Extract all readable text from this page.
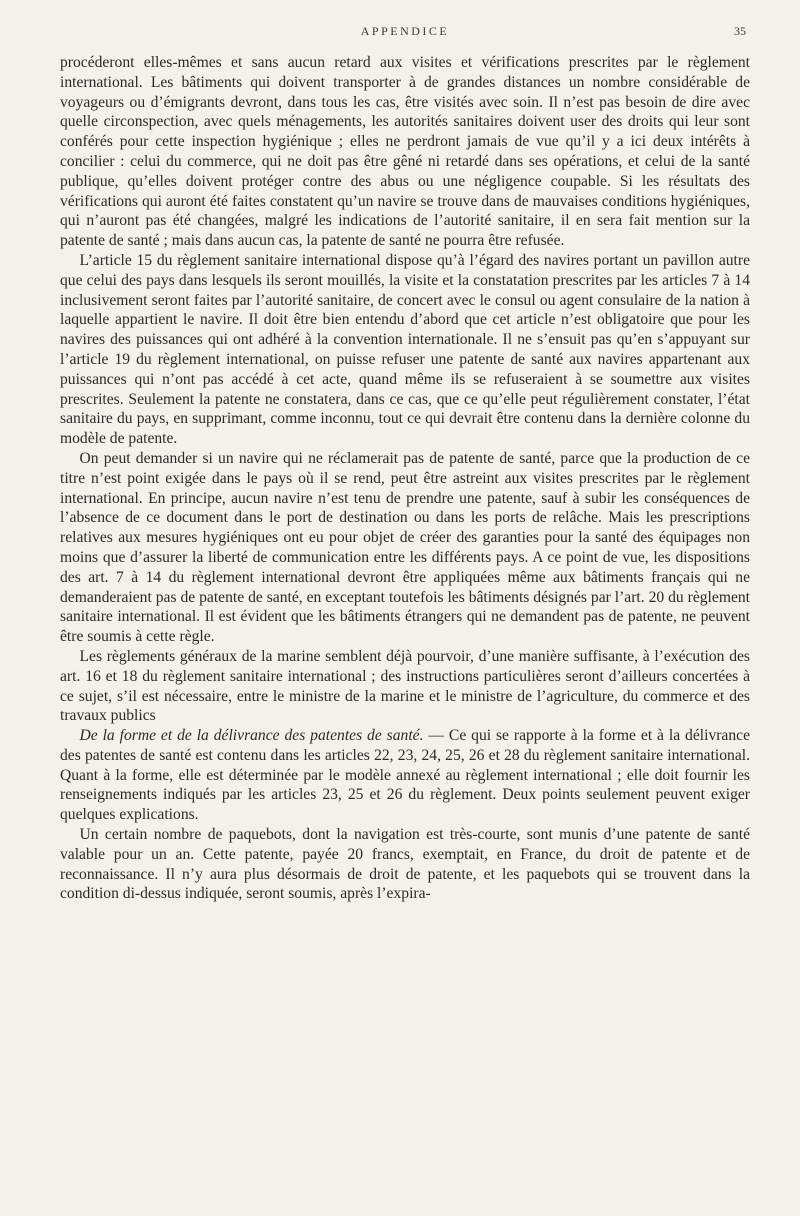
APPENDICE	35

procéderont elles-mêmes et sans aucun retard aux visites et vérifications prescrites par le règlement international. Les bâtiments qui doivent transporter à de grandes distances un nombre considérable de voyageurs ou d’émigrants devront, dans tous les cas, être visités avec soin. Il n’est pas besoin de dire avec quelle circonspection, avec quels ménagements, les autorités sanitaires doivent user des droits qui leur sont conférés pour cette inspection hygiénique ; elles ne perdront jamais de vue qu’il y a ici deux intérêts à concilier : celui du commerce, qui ne doit pas être gêné ni retardé dans ses opérations, et celui de la santé publique, qu’elles doivent protéger contre des abus ou une négligence coupable. Si les résultats des vérifications qui auront été faites constatent qu’un navire se trouve dans de mauvaises conditions hygiéniques, qui n’auront pas été changées, malgré les indications de l’autorité sanitaire, il en sera fait mention sur la patente de santé ; mais dans aucun cas, la patente de santé ne pourra être refusée.

L’article 15 du règlement sanitaire international dispose qu’à l’égard des navires portant un pavillon autre que celui des pays dans lesquels ils seront mouillés, la visite et la constatation prescrites par les articles 7 à 14 inclusivement seront faites par l’autorité sanitaire, de concert avec le consul ou agent consulaire de la nation à laquelle appartient le navire. Il doit être bien entendu d’abord que cet article n’est obligatoire que pour les navires des puissances qui ont adhéré à la convention internationale. Il ne s’ensuit pas qu’en s’appuyant sur l’article 19 du règlement international, on puisse refuser une patente de santé aux navires appartenant aux puissances qui n’ont pas accédé à cet acte, quand même ils se refuseraient à se soumettre aux visites prescrites. Seulement la patente ne constatera, dans ce cas, que ce qu’elle peut régulièrement constater, l’état sanitaire du pays, en supprimant, comme inconnu, tout ce qui devrait être contenu dans la dernière colonne du modèle de patente.

On peut demander si un navire qui ne réclamerait pas de patente de santé, parce que la production de ce titre n’est point exigée dans le pays où il se rend, peut être astreint aux visites prescrites par le règlement international. En principe, aucun navire n’est tenu de prendre une patente, sauf à subir les conséquences de l’absence de ce document dans le port de destination ou dans les ports de relâche. Mais les prescriptions relatives aux mesures hygiéniques ont eu pour objet de créer des garanties pour la santé des équipages non moins que d’assurer la liberté de communication entre les différents pays. A ce point de vue, les dispositions des art. 7 à 14 du règlement international devront être appliquées même aux bâtiments français qui ne demanderaient pas de patente de santé, en exceptant toutefois les bâtiments désignés par l’art. 20 du règlement sanitaire international. Il est évident que les bâtiments étrangers qui ne demandent pas de patente, ne peuvent être soumis à cette règle.

Les règlements généraux de la marine semblent déjà pourvoir, d’une manière suffisante, à l’exécution des art. 16 et 18 du règlement sanitaire international ; des instructions particulières seront d’ailleurs concertées à ce sujet, s’il est nécessaire, entre le ministre de la marine et le ministre de l’agriculture, du commerce et des travaux publics

De la forme et de la délivrance des patentes de santé. — Ce qui se rapporte à la forme et à la délivrance des patentes de santé est contenu dans les articles 22, 23, 24, 25, 26 et 28 du règlement sanitaire international. Quant à la forme, elle est déterminée par le modèle annexé au règlement international ; elle doit fournir les renseignements indiqués par les articles 23, 25 et 26 du règlement. Deux points seulement peuvent exiger quelques explications.

Un certain nombre de paquebots, dont la navigation est très-courte, sont munis d’une patente de santé valable pour un an. Cette patente, payée 20 francs, exemptait, en France, du droit de patente et de reconnaissance. Il n’y aura plus désormais de droit de patente, et les paquebots qui se trouvent dans la condition di-dessus indiquée, seront soumis, après l’expira-
